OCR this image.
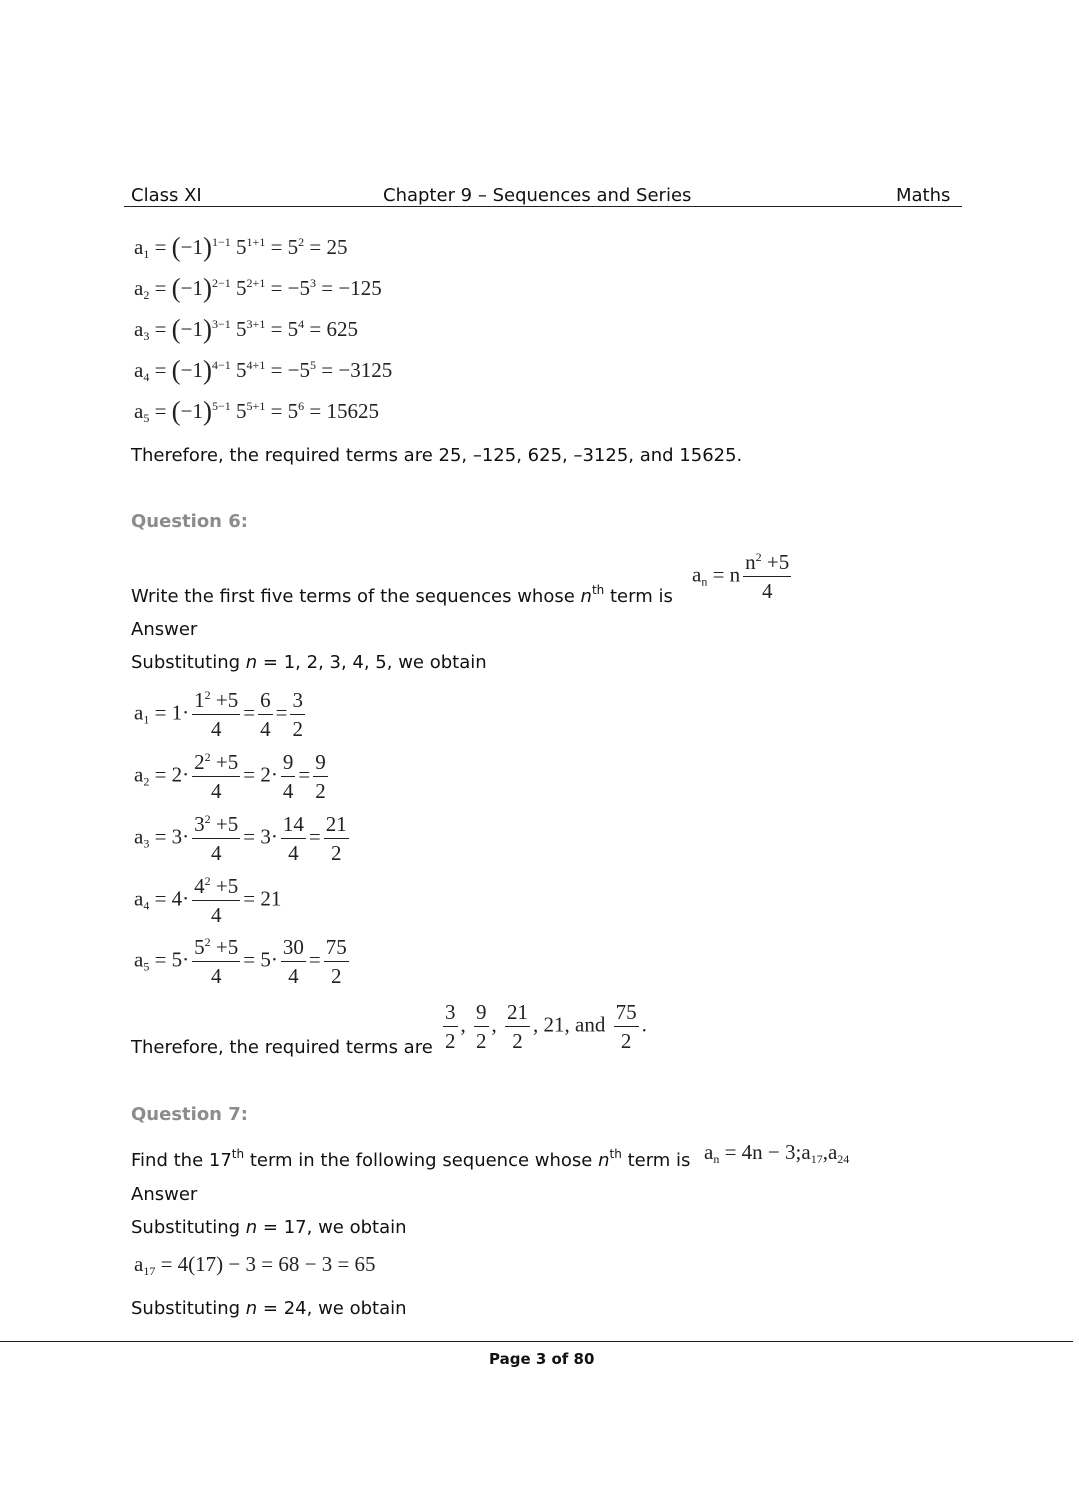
Class XI	Chapter 9 – Sequences and Series	Maths
$a_1 = (-1)^{1-1}$ $5^{1+1} = 5^2 = 25$
$a_2 = (-1)^{2-1}$ $5^{2+1} = -5^3 = -125$
$a_3 = (-1)^{3-1}$ $5^{3+1} = 5^4 = 625$
$a_4 = (-1)^{4-1}$ $5^{4+1} = -5^5 = -3125$
$a_5 = (-1)^{5-1}$ $5^{5+1} = 5^6 = 15625$
Therefore, the required terms are 25, –125, 625, –3125, and 15625.
Question 6:
$a_n = n \frac{n^2 +5}{4}$
Write the first five terms of the sequences whose $n^{th}$ term is
Answer
Substituting n = 1, 2, 3, 4, 5, we obtain
$a_1 = 1\cdot \frac{1^2 +5}{4} = \frac{6}{4} = \frac{3}{2}$
$a_2 = 2\cdot \frac{2^2 +5}{4} = 2\cdot \frac{9}{4} = \frac{9}{2}$
$a_3 = 3\cdot \frac{3^2 +5}{4} = 3\cdot \frac{14}{4} = \frac{21}{2}$
$a_4 = 4\cdot \frac{4^2 +5}{4} = 21$
$a_5 = 5\cdot \frac{5^2 +5}{4} = 5\cdot \frac{30}{4} = \frac{75}{2}$
Therefore, the required terms are $\frac{3}{2}$ , $\frac{9}{2}$ , $\frac{21}{2}$ , 21, and $\frac{75}{2}$ .
Question 7:
Find the 17th term in the following sequence whose $n^{th}$ term is $a_n = 4n$ − $3;a_{17},a_{24}$
Answer
Substituting n = 17, we obtain
$a_{17} = 4(17) - 3 = 68 - 3 = 65$
Substituting n = 24, we obtain
Page 3 of 80
